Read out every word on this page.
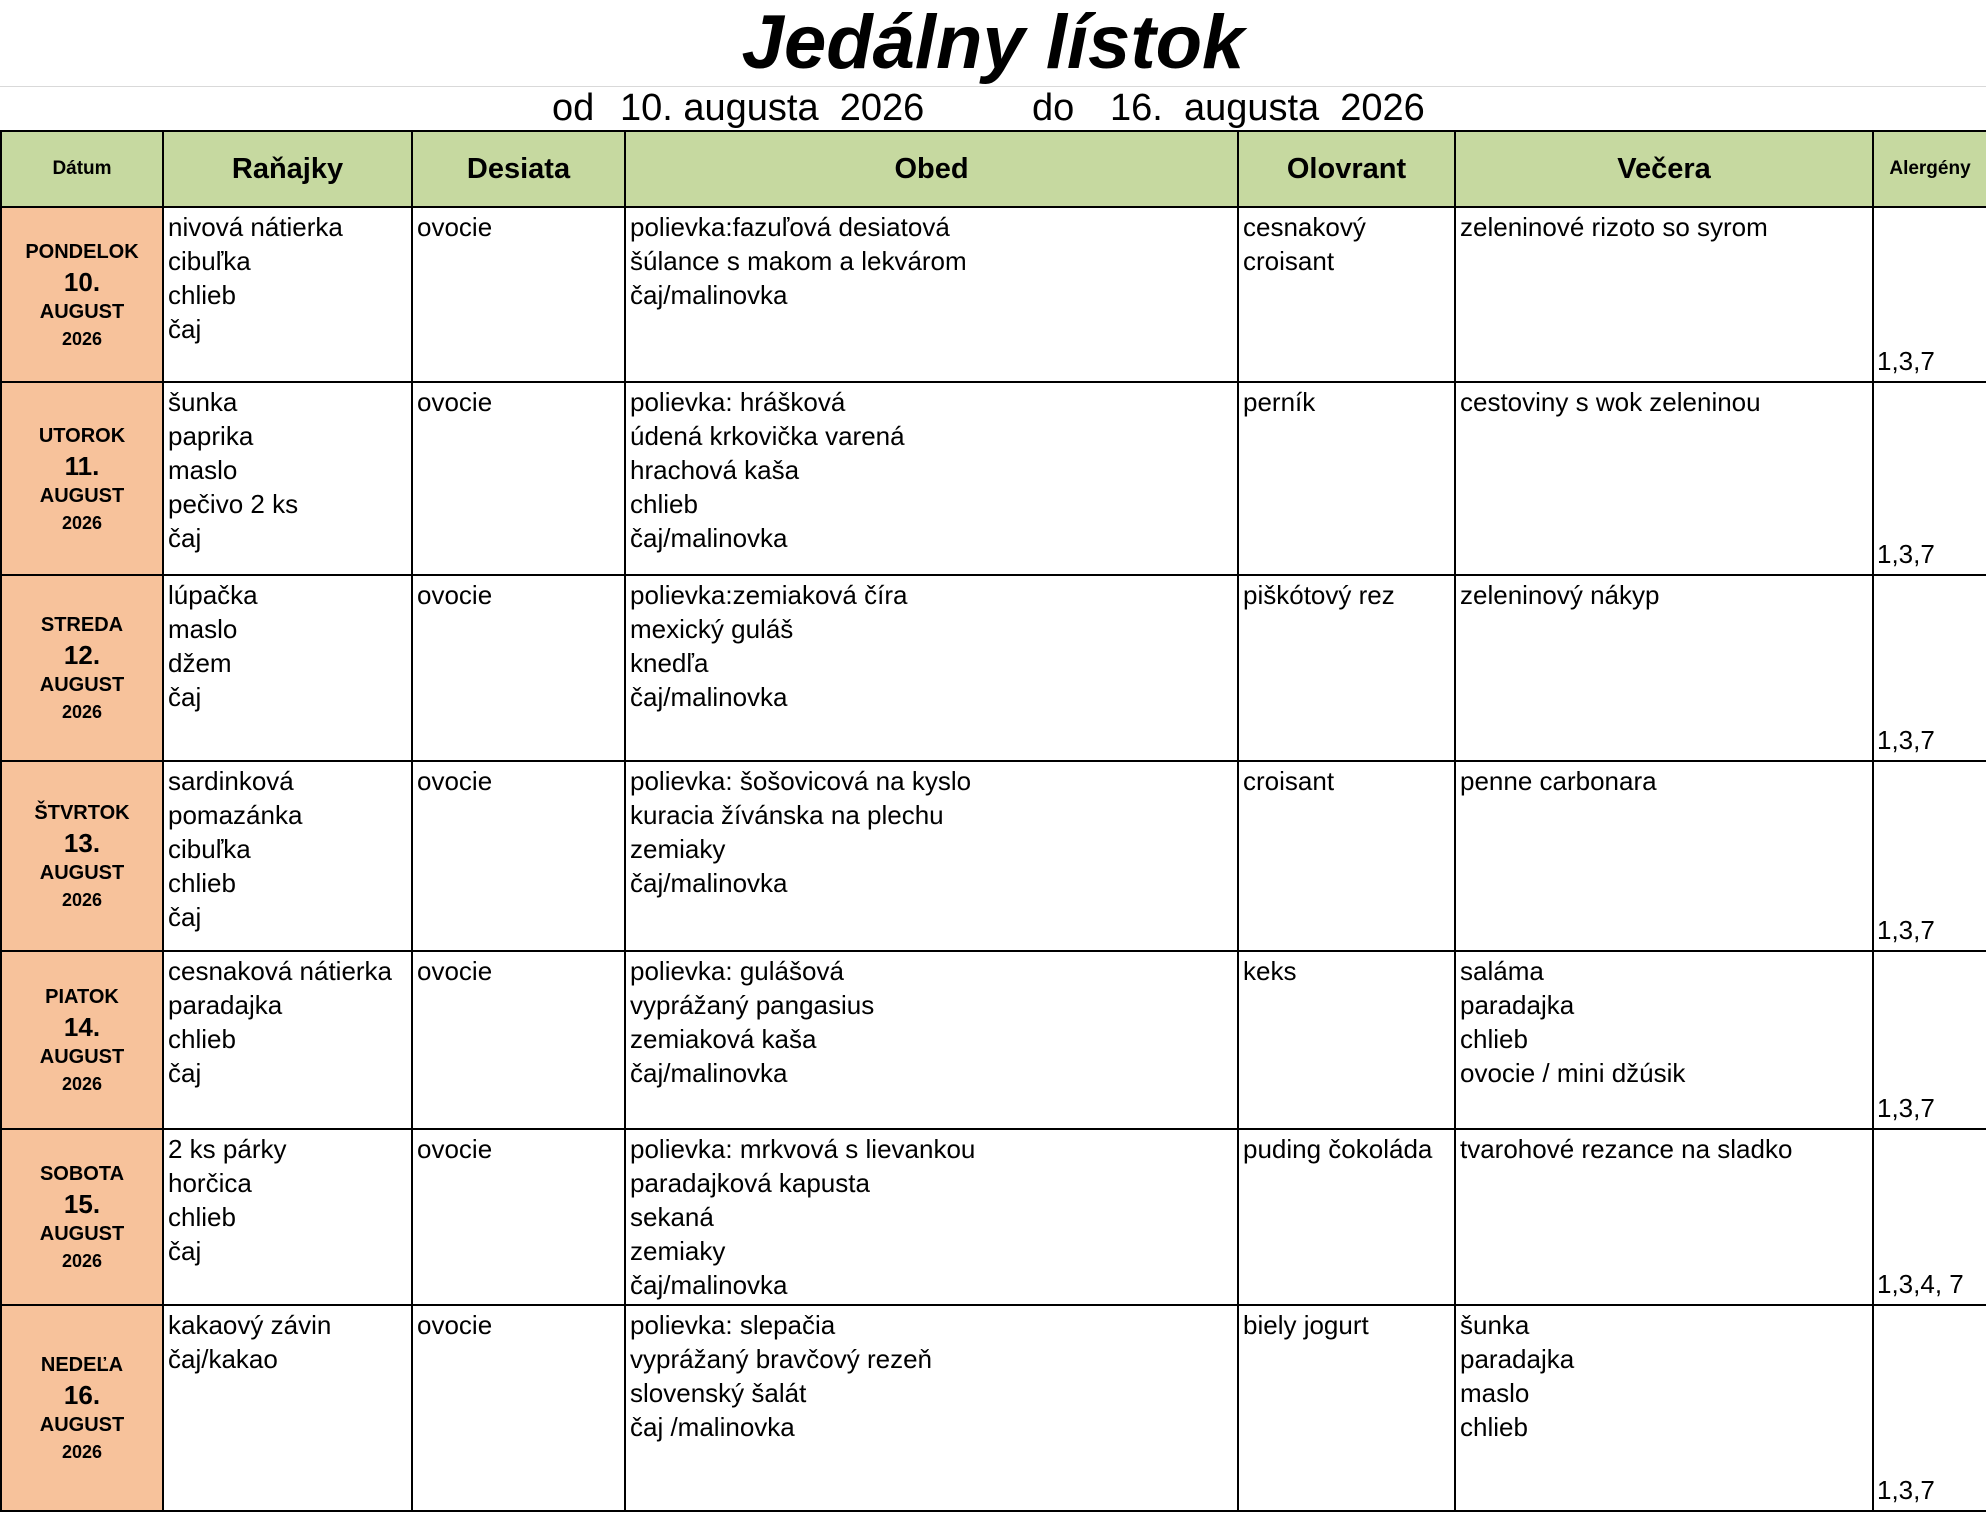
Jedálny lístok
od 10. augusta  2026	do 16.  augusta  2026
Dátum	Raňajky	Desiata	Obed	Olovrant	Večera	Alergény

PONDELOK
10.
AUGUST
2026	nivová nátierka
cibuľka
chlieb
čaj	ovocie	polievka:fazuľová desiatová
šúlance s makom a lekvárom
čaj/malinovka	cesnakový
croisant	zeleninové rizoto so syrom	1,3,7

UTOROK
11.
AUGUST
2026	šunka
paprika
maslo
pečivo 2 ks
čaj	ovocie	polievka: hrášková
údená krkovička varená
hrachová kaša
chlieb
čaj/malinovka	perník	cestoviny s wok zeleninou	1,3,7

STREDA
12.
AUGUST
2026	lúpačka
maslo
džem
čaj	ovocie	polievka:zemiaková číra
mexický guláš
knedľa
čaj/malinovka	piškótový rez	zeleninový nákyp	1,3,7

ŠTVRTOK
13.
AUGUST
2026	sardinková
pomazánka
cibuľka
chlieb
čaj	ovocie	polievka: šošovicová na kyslo
kuracia žívánska na plechu
zemiaky
čaj/malinovka	croisant	penne carbonara	1,3,7

PIATOK
14.
AUGUST
2026	cesnaková nátierka
paradajka
chlieb
čaj	ovocie	polievka: gulášová
vyprážaný pangasius
zemiaková kaša
čaj/malinovka	keks	saláma
paradajka
chlieb
ovocie / mini džúsik	1,3,7

SOBOTA
15.
AUGUST
2026	2 ks párky
horčica
chlieb
čaj	ovocie	polievka: mrkvová s lievankou
paradajková kapusta
sekaná
zemiaky
čaj/malinovka	puding čokoláda	tvarohové rezance na sladko	1,3,4, 7

NEDEĽA
16.
AUGUST
2026	kakaový závin
čaj/kakao	ovocie	polievka: slepačia
vyprážaný bravčový rezeň
slovenský šalát
čaj /malinovka	biely jogurt	šunka
paradajka
maslo
chlieb	1,3,7
